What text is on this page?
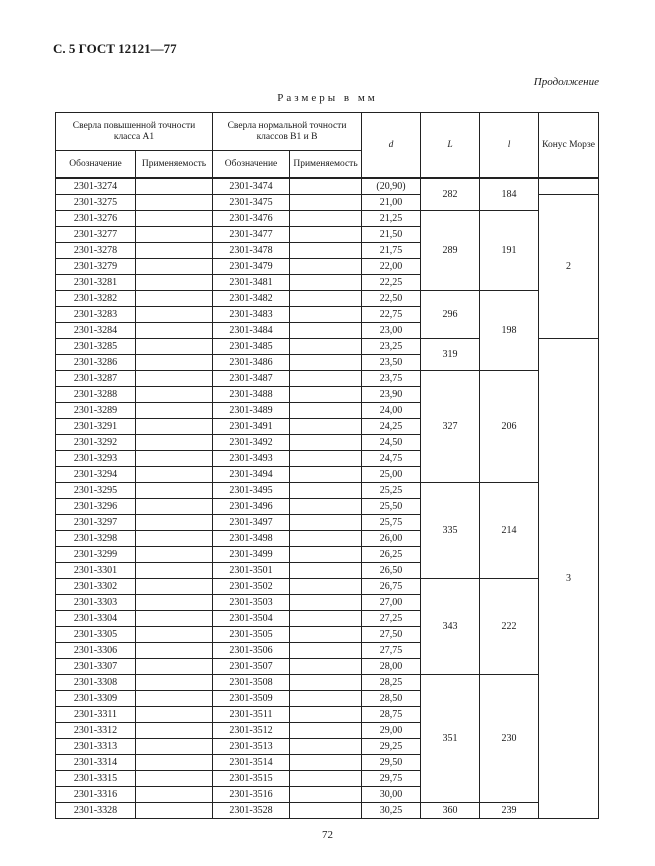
С. 5 ГОСТ 12121—77
Продолжение
Размеры в мм
Сверла повышенной точности класса А1		Сверла нормальной точности классов В1 и В		d	L	l	Конус Морзе
Обозначение	Применяемость	Обозначение	Применяемость				
2301-3274		2301-3474		(20,90)	282	184	
2301-3275		2301-3475		21,00			2
2301-3276		2301-3476		21,25	289	191	
2301-3277		2301-3477		21,50			
2301-3278		2301-3478		21,75			
2301-3279		2301-3479		22,00			
2301-3281		2301-3481		22,25			
2301-3282		2301-3482		22,50	296	198	
2301-3283		2301-3483		22,75			
2301-3284		2301-3484		23,00			
2301-3285		2301-3485		23,25	319		3
2301-3286		2301-3486		23,50			
2301-3287		2301-3487		23,75	327	206	
2301-3288		2301-3488		23,90			
2301-3289		2301-3489		24,00			
2301-3291		2301-3491		24,25			
2301-3292		2301-3492		24,50			
2301-3293		2301-3493		24,75			
2301-3294		2301-3494		25,00			
2301-3295		2301-3495		25,25	335	214	
2301-3296		2301-3496		25,50			
2301-3297		2301-3497		25,75			
2301-3298		2301-3498		26,00			
2301-3299		2301-3499		26,25			
2301-3301		2301-3501		26,50			
2301-3302		2301-3502		26,75	343	222	
2301-3303		2301-3503		27,00			
2301-3304		2301-3504		27,25			
2301-3305		2301-3505		27,50			
2301-3306		2301-3506		27,75			
2301-3307		2301-3507		28,00			
2301-3308		2301-3508		28,25	351	230	
2301-3309		2301-3509		28,50			
2301-3311		2301-3511		28,75			
2301-3312		2301-3512		29,00			
2301-3313		2301-3513		29,25			
2301-3314		2301-3514		29,50			
2301-3315		2301-3515		29,75			
2301-3316		2301-3516		30,00			
2301-3328		2301-3528		30,25	360	239	
72
